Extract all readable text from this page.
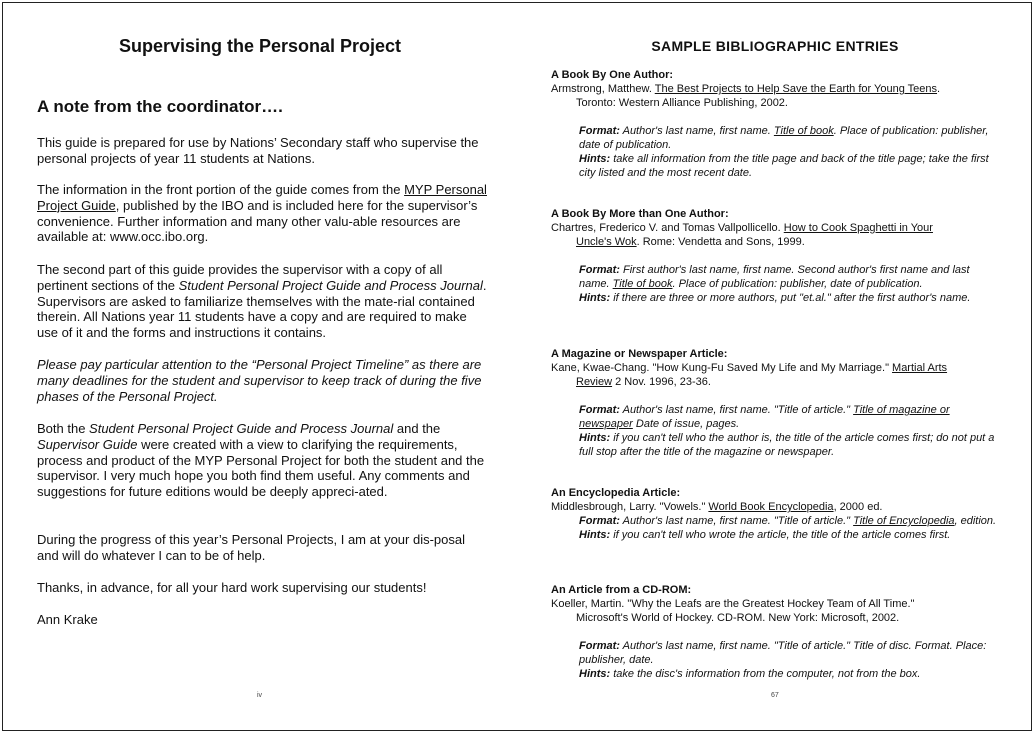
Supervising the Personal Project
A note from the coordinator….
This guide is prepared for use by Nations’ Secondary staff who supervise the personal projects of year 11 students at Nations.
The information in the front portion of the guide comes from the MYP Personal Project Guide, published by the IBO and is included here for the supervisor’s convenience. Further information and many other valu-able resources are available at: www.occ.ibo.org.
The second part of this guide provides the supervisor with a copy of all pertinent sections of the Student Personal Project Guide and Process Journal. Supervisors are asked to familiarize themselves with the mate-rial contained therein. All Nations year 11 students have a copy and are required to make use of it and the forms and instructions it contains.
Please pay particular attention to the “Personal Project Timeline” as there are many deadlines for the student and supervisor to keep track of during the five phases of the Personal Project.
Both the Student Personal Project Guide and Process Journal and the Supervisor Guide were created with a view to clarifying the requirements, process and product of the MYP Personal Project for both the student and the supervisor. I very much hope you both find them useful. Any comments and suggestions for future editions would be deeply appreci-ated.
During the progress of this year’s Personal Projects, I am at your dis-posal and will do whatever I can to be of help.
Thanks, in advance, for all your hard work supervising our students!
Ann Krake
iv
SAMPLE BIBLIOGRAPHIC ENTRIES
A Book By One Author:
Armstrong, Matthew. The Best Projects to Help Save the Earth for Young Teens.
Toronto: Western Alliance Publishing, 2002.
Format: Author's last name, first name. Title of book. Place of publication: publisher, date of publication.
Hints: take all information from the title page and back of the title page; take the first city listed and the most recent date.
A Book By More than One Author:
Chartres, Frederico V. and Tomas Vallpollicello. How to Cook Spaghetti in Your
Uncle's Wok. Rome: Vendetta and Sons, 1999.
Format: First author's last name, first name. Second author's first name and last name. Title of book. Place of publication: publisher, date of publication.
Hints: if there are three or more authors, put "et.al." after the first author's name.
A Magazine or Newspaper Article:
Kane, Kwae-Chang. "How Kung-Fu Saved My Life and My Marriage." Martial Arts
Review 2 Nov. 1996, 23-36.
Format: Author's last name, first name. "Title of article." Title of magazine or newspaper Date of issue, pages.
Hints: if you can't tell who the author is, the title of the article comes first; do not put a full stop after the title of the magazine or newspaper.
An Encyclopedia Article:
Middlesbrough, Larry. "Vowels." World Book Encyclopedia, 2000 ed.
Format: Author's last name, first name. "Title of article." Title of Encyclopedia, edition.
Hints: if you can't tell who wrote the article, the title of the article comes first.
An Article from a CD-ROM:
Koeller, Martin. "Why the Leafs are the Greatest Hockey Team of All Time."
Microsoft's World of Hockey. CD-ROM. New York: Microsoft, 2002.
Format: Author's last name, first name. "Title of article." Title of disc. Format. Place: publisher, date.
Hints: take the disc's information from the computer, not from the box.
67
